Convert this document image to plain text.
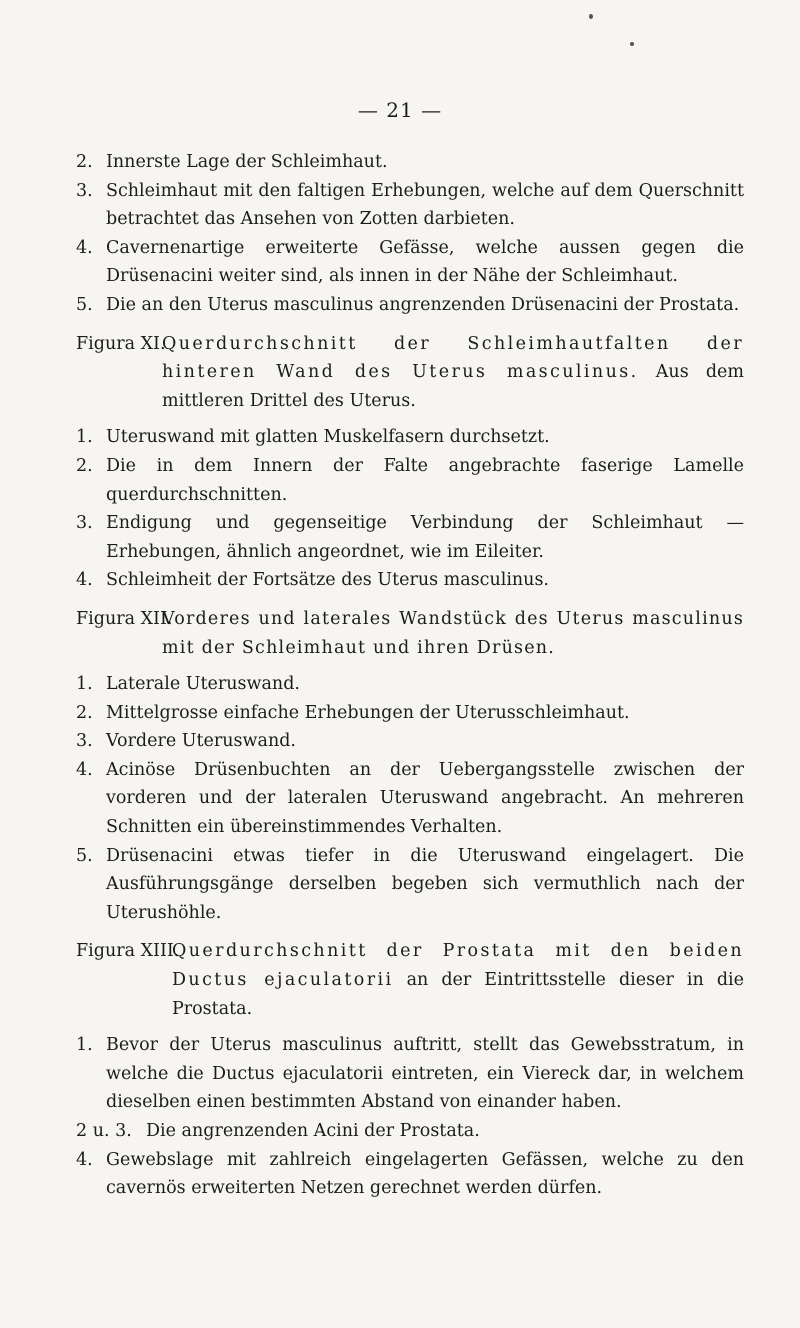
— 21 —
2. Innerste Lage der Schleimhaut.
3. Schleimhaut mit den faltigen Erhebungen, welche auf dem Querschnitt betrachtet das Ansehen von Zotten darbieten.
4. Cavernenartige erweiterte Gefässe, welche aussen gegen die Drüsenacini weiter sind, als innen in der Nähe der Schleimhaut.
5. Die an den Uterus masculinus angrenzenden Drüsenacini der Prostata.
Figura XI.
Querdurchschnitt der Schleimhautfalten der hinteren Wand des Uterus masculinus. Aus dem mittleren Drittel des Uterus.
1. Uteruswand mit glatten Muskelfasern durchsetzt.
2. Die in dem Innern der Falte angebrachte faserige Lamelle querdurchschnitten.
3. Endigung und gegenseitige Verbindung der Schleimhaut — Erhebungen, ähnlich angeordnet, wie im Eileiter.
4. Schleimheit der Fortsätze des Uterus masculinus.
Figura XII.
Vorderes und laterales Wandstück des Uterus masculinus mit der Schleimhaut und ihren Drüsen.
1. Laterale Uteruswand.
2. Mittelgrosse einfache Erhebungen der Uterusschleimhaut.
3. Vordere Uteruswand.
4. Acinöse Drüsenbuchten an der Uebergangsstelle zwischen der vorderen und der lateralen Uteruswand angebracht. An mehreren Schnitten ein übereinstimmendes Verhalten.
5. Drüsenacini etwas tiefer in die Uteruswand eingelagert. Die Ausführungsgänge derselben begeben sich vermuthlich nach der Uterushöhle.
Figura XIII.
Querdurchschnitt der Prostata mit den beiden Ductus ejaculatorii an der Eintrittsstelle dieser in die Prostata.
1. Bevor der Uterus masculinus auftritt, stellt das Gewebsstratum, in welche die Ductus ejaculatorii eintreten, ein Viereck dar, in welchem dieselben einen bestimmten Abstand von einander haben.
2 u. 3. Die angrenzenden Acini der Prostata.
4. Gewebslage mit zahlreich eingelagerten Gefässen, welche zu den cavernös erweiterten Netzen gerechnet werden dürfen.
